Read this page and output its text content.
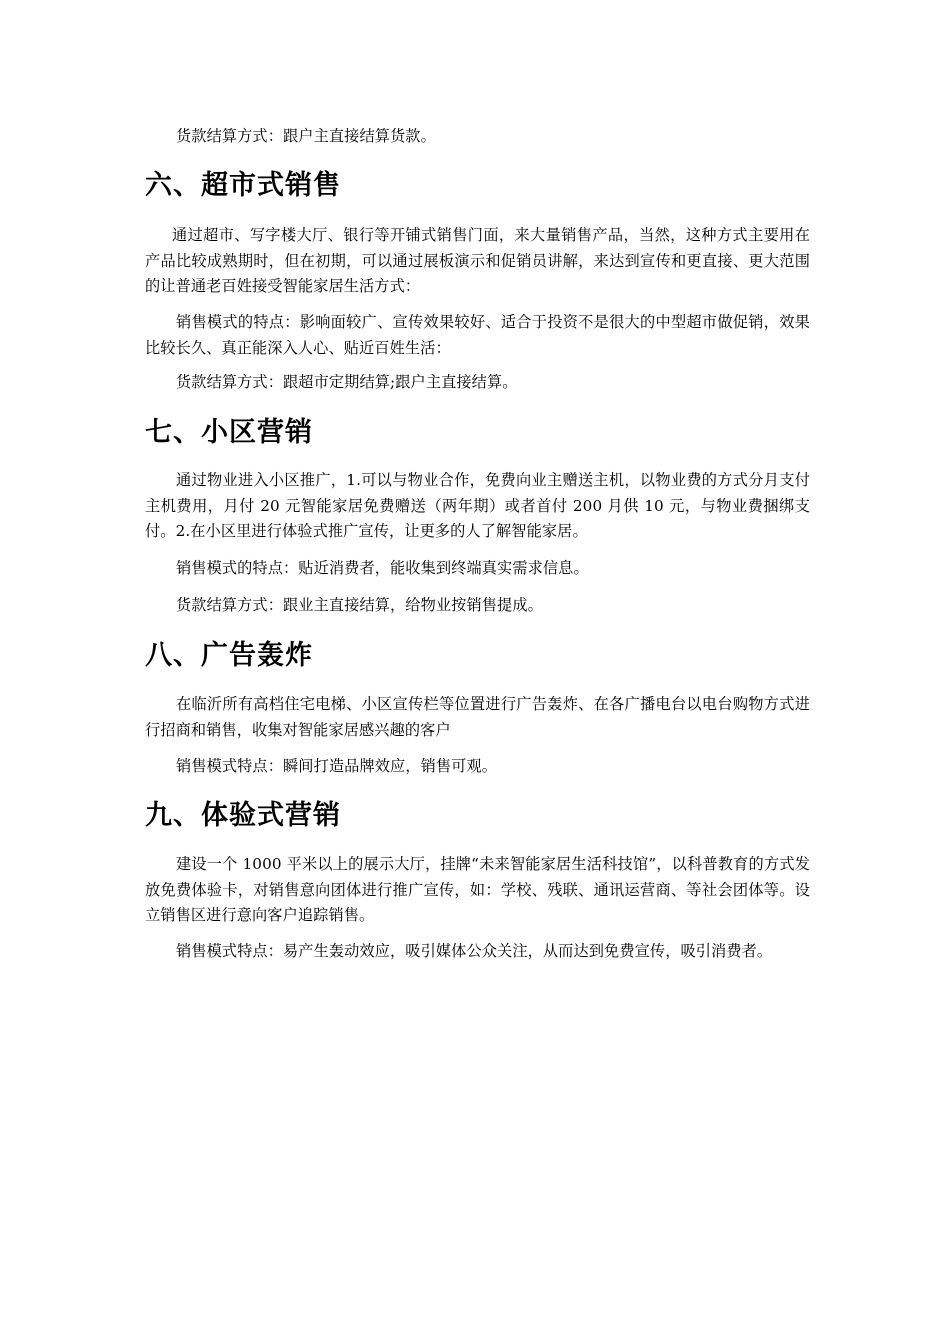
货款结算方式：跟户主直接结算货款。

六、超市式销售

通过超市、写字楼大厅、银行等开铺式销售门面，来大量销售产品，当然，这种方式主要用在产品比较成熟期时，但在初期，可以通过展板演示和促销员讲解，来达到宣传和更直接、更大范围的让普通老百姓接受智能家居生活方式：

销售模式的特点：影响面较广、宣传效果较好、适合于投资不是很大的中型超市做促销，效果比较长久、真正能深入人心、贴近百姓生活：

货款结算方式：跟超市定期结算;跟户主直接结算。

七、小区营销

通过物业进入小区推广，1.可以与物业合作，免费向业主赠送主机，以物业费的方式分月支付主机费用，月付 20 元智能家居免费赠送（两年期）或者首付 200 月供 10 元，与物业费捆绑支付。2.在小区里进行体验式推广宣传，让更多的人了解智能家居。

销售模式的特点：贴近消费者，能收集到终端真实需求信息。

货款结算方式：跟业主直接结算，给物业按销售提成。

八、广告轰炸

在临沂所有高档住宅电梯、小区宣传栏等位置进行广告轰炸、在各广播电台以电台购物方式进行招商和销售，收集对智能家居感兴趣的客户

销售模式特点：瞬间打造品牌效应，销售可观。

九、体验式营销

建设一个 1000 平米以上的展示大厅，挂牌“未来智能家居生活科技馆”，以科普教育的方式发放免费体验卡，对销售意向团体进行推广宣传，如：学校、残联、通讯运营商、等社会团体等。设立销售区进行意向客户追踪销售。

销售模式特点：易产生轰动效应，吸引媒体公众关注，从而达到免费宣传，吸引消费者。
